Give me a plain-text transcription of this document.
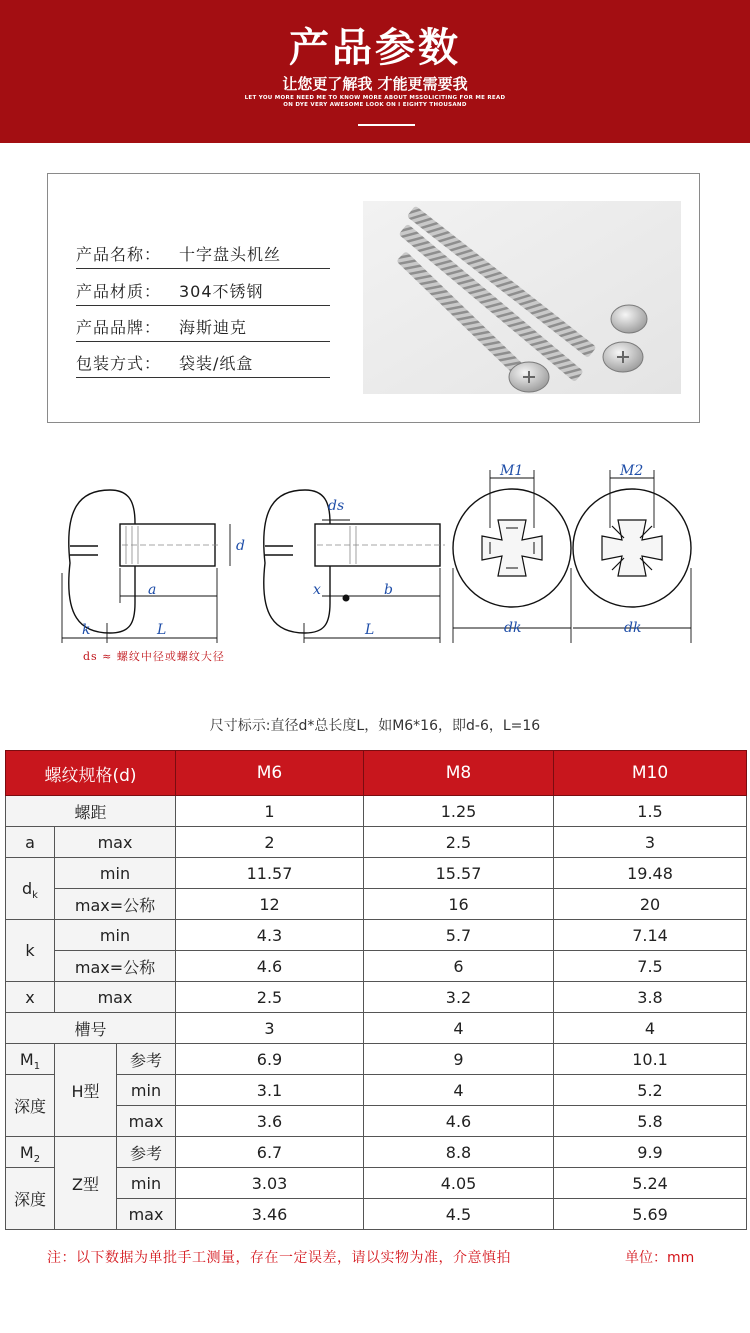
产品参数
让您更了解我 才能更需要我
LET YOU MORE NEED ME TO KNOW MORE ABOUT MSSOLICITING FOR ME READ
ON DYE VERY AWESOME LOOK ON I EIGHTY THOUSAND
产品名称： 十字盘头机丝
产品材质： 304不锈钢
产品品牌： 海斯迪克
包装方式： 袋装/纸盒
a
L
k
d
ds
x	b
L
M1	M2
dk	dk
ds ≈ 螺纹中径或螺纹大径
尺寸标示:直径d*总长度L，如M6*16，即d-6，L=16
螺纹规格(d)			M6	M8	M10
螺距			1	1.25	1.5
a	max		2	2.5	3
$d_k$	min		11.57	15.57	19.48
	max=公称		12	16	20
k	min		4.3	5.7	7.14
	max=公称		4.6	6	7.5
x	max		2.5	3.2	3.8
槽号			3	4	4
$M_1$	H型	参考	6.9	9	10.1
深度		min	3.1	4	5.2
		max	3.6	4.6	5.8
$M_2$	Z型	参考	6.7	8.8	9.9
深度		min	3.03	4.05	5.24
		max	3.46	4.5	5.69
注：以下数据为单批手工测量，存在一定误差，请以实物为准，介意慎拍	单位：mm
